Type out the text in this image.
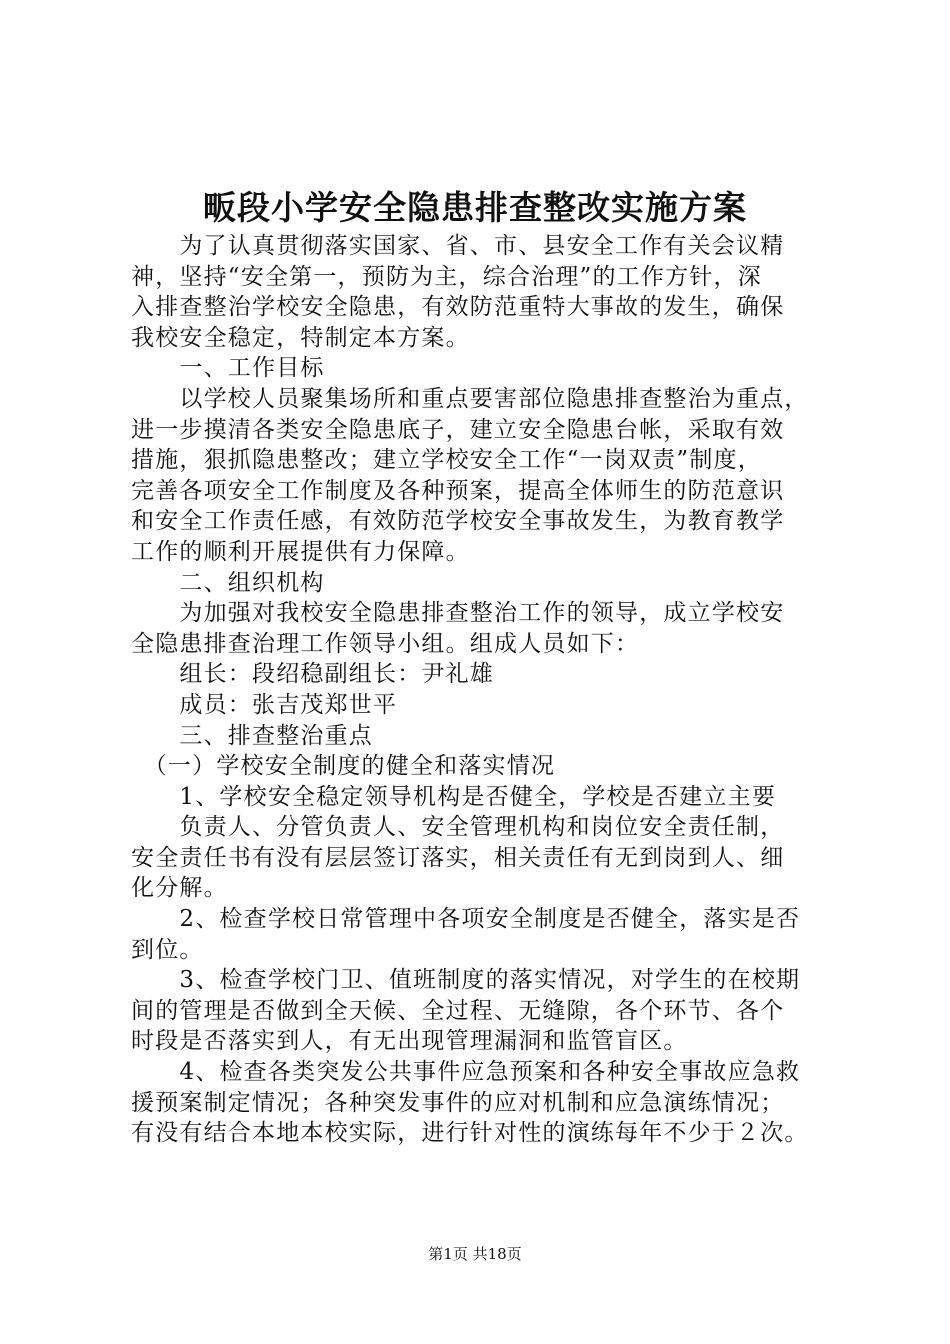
畈段小学安全隐患排查整改实施方案
　　为了认真贯彻落实国家、省、市、县安全工作有关会议精
神，坚持“安全第一，预防为主，综合治理”的工作方针，深
入排查整治学校安全隐患，有效防范重特大事故的发生，确保
我校安全稳定，特制定本方案。
　　一、工作目标
　　以学校人员聚集场所和重点要害部位隐患排查整治为重点，
进一步摸清各类安全隐患底子，建立安全隐患台帐，采取有效
措施，狠抓隐患整改；建立学校安全工作“一岗双责”制度，
完善各项安全工作制度及各种预案，提高全体师生的防范意识
和安全工作责任感，有效防范学校安全事故发生，为教育教学
工作的顺利开展提供有力保障。
　　二、组织机构
　　为加强对我校安全隐患排查整治工作的领导，成立学校安
全隐患排查治理工作领导小组。组成人员如下：
　　组长：段绍稳副组长：尹礼雄
　　成员：张吉茂郑世平
　　三、排查整治重点
　（一）学校安全制度的健全和落实情况
　　1、学校安全稳定领导机构是否健全，学校是否建立主要
　　负责人、分管负责人、安全管理机构和岗位安全责任制，
安全责任书有没有层层签订落实，相关责任有无到岗到人、细
化分解。
　　2、检查学校日常管理中各项安全制度是否健全，落实是否
到位。
　　3、检查学校门卫、值班制度的落实情况，对学生的在校期
间的管理是否做到全天候、全过程、无缝隙，各个环节、各个
时段是否落实到人，有无出现管理漏洞和监管盲区。
　　4、检查各类突发公共事件应急预案和各种安全事故应急救
援预案制定情况；各种突发事件的应对机制和应急演练情况；
有没有结合本地本校实际，进行针对性的演练每年不少于２次。
第1页 共18页
